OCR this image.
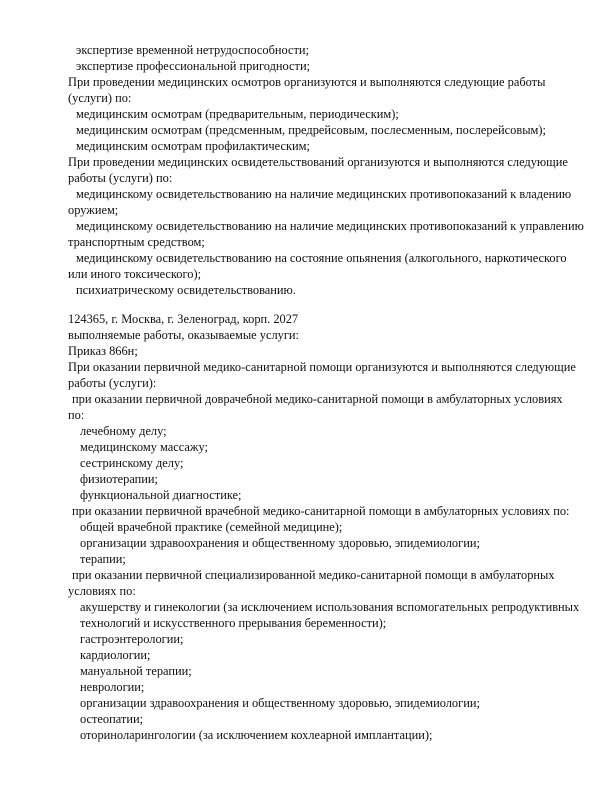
экспертизе временной нетрудоспособности;
экспертизе профессиональной пригодности;
При проведении медицинских осмотров организуются и выполняются следующие работы
(услуги) по:
медицинским осмотрам (предварительным, периодическим);
медицинским осмотрам (предсменным, предрейсовым, послесменным, послерейсовым);
медицинским осмотрам профилактическим;
При проведении медицинских освидетельствований организуются и выполняются следующие
работы (услуги) по:
медицинскому освидетельствованию на наличие медицинских противопоказаний к владению
оружием;
медицинскому освидетельствованию на наличие медицинских противопоказаний к управлению
транспортным средством;
медицинскому освидетельствованию на состояние опьянения (алкогольного, наркотического
или иного токсического);
психиатрическому освидетельствованию.
124365, г. Москва, г. Зеленоград, корп. 2027
выполняемые работы, оказываемые услуги:
Приказ 866н;
При оказании первичной медико-санитарной помощи организуются и выполняются следующие
работы (услуги):
при оказании первичной доврачебной медико-санитарной помощи в амбулаторных условиях
по:
лечебному делу;
медицинскому массажу;
сестринскому делу;
физиотерапии;
функциональной диагностике;
при оказании первичной врачебной медико-санитарной помощи в амбулаторных условиях по:
общей врачебной практике (семейной медицине);
организации здравоохранения и общественному здоровью, эпидемиологии;
терапии;
при оказании первичной специализированной медико-санитарной помощи в амбулаторных
условиях по:
акушерству и гинекологии (за исключением использования вспомогательных репродуктивных
технологий и искусственного прерывания беременности);
гастроэнтерологии;
кардиологии;
мануальной терапии;
неврологии;
организации здравоохранения и общественному здоровью, эпидемиологии;
остеопатии;
оториноларингологии (за исключением кохлеарной имплантации);
